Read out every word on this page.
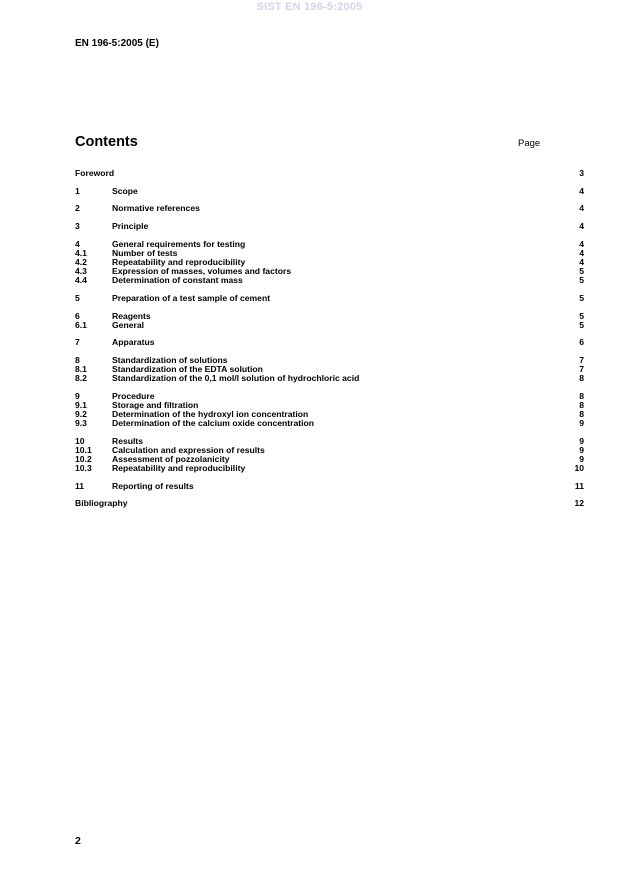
SIST EN 196-5:2005
EN 196-5:2005 (E)
Contents	Page
Foreword	3
1	Scope	4
2	Normative references	4
3	Principle	4
4	General requirements for testing	4
4.1	Number of tests	4
4.2	Repeatability and reproducibility	4
4.3	Expression of masses, volumes and factors	5
4.4	Determination of constant mass	5
5	Preparation of a test sample of cement	5
6	Reagents	5
6.1	General	5
7	Apparatus	6
8	Standardization of solutions	7
8.1	Standardization of the EDTA solution	7
8.2	Standardization of the 0,1 mol/l solution of hydrochloric acid	8
9	Procedure	8
9.1	Storage and filtration	8
9.2	Determination of the hydroxyl ion concentration	8
9.3	Determination of the calcium oxide concentration	9
10	Results	9
10.1	Calculation and expression of results	9
10.2	Assessment of pozzolanicity	9
10.3	Repeatability and reproducibility	10
11	Reporting of results	11
Bibliography	12
2
